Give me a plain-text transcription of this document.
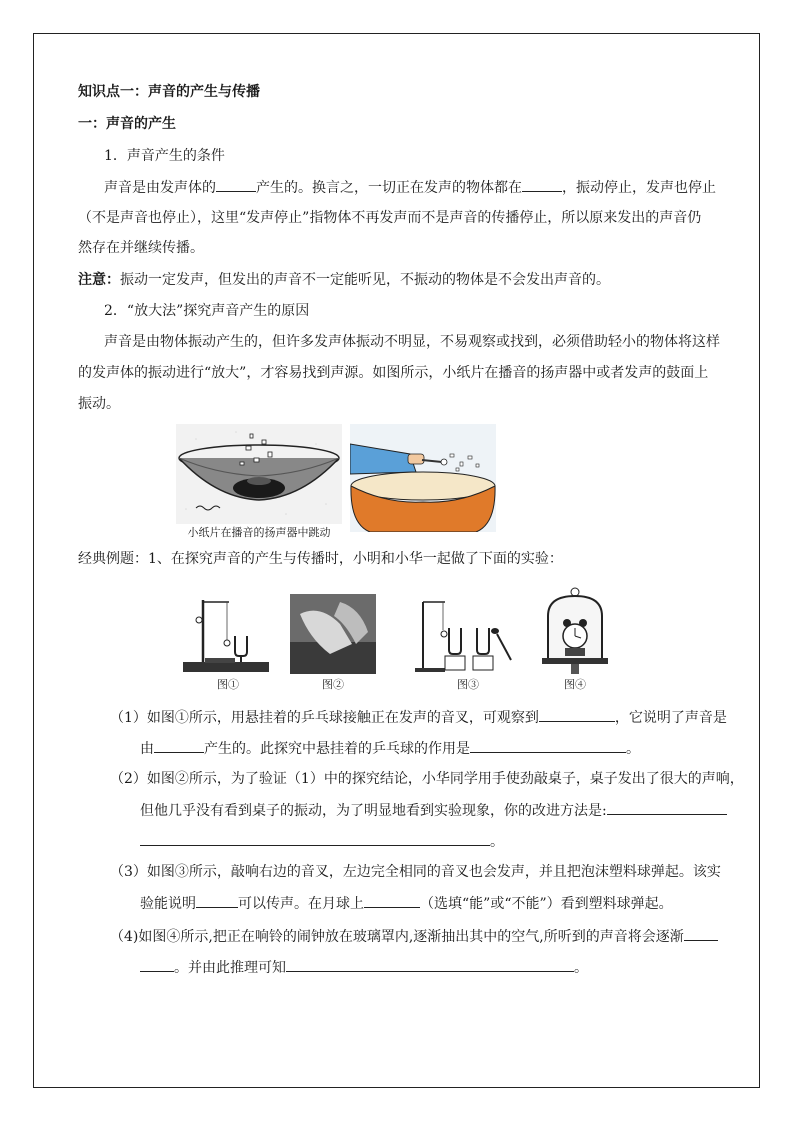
知识点一：声音的产生与传播
一：声音的产生
1．声音产生的条件
声音是由发声体的	产生的。换言之，一切正在发声的物体都在	，振动停止，发声也停止
（不是声音也停止），这里“发声停止”指物体不再发声而不是声音的传播停止，所以原来发出的声音仍
然存在并继续传播。
注意：振动一定发声，但发出的声音不一定能听见，不振动的物体是不会发出声音的。
2．“放大法”探究声音产生的原因
声音是由物体振动产生的，但许多发声体振动不明显，不易观察或找到，必须借助轻小的物体将这样
的发声体的振动进行“放大”，才容易找到声源。如图所示，小纸片在播音的扬声器中或者发声的鼓面上
振动。
小纸片在播音的扬声器中跳动
经典例题：1、在探究声音的产生与传播时，小明和小华一起做了下面的实验：
图①	图②	图③	图④
（1）如图①所示，用悬挂着的乒乓球接触正在发声的音叉，可观察到	，它说明了声音是
由	产生的。此探究中悬挂着的乒乓球的作用是	。
（2）如图②所示，为了验证（1）中的探究结论，小华同学用手使劲敲桌子，桌子发出了很大的声响，
但他几乎没有看到桌子的振动，为了明显地看到实验现象，你的改进方法是:
。
（3）如图③所示，敲响右边的音叉，左边完全相同的音叉也会发声，并且把泡沫塑料球弹起。该实
验能说明	可以传声。在月球上	（选填“能”或“不能”）看到塑料球弹起。
（4)如图④所示,把正在响铃的闹钟放在玻璃罩内,逐渐抽出其中的空气,所听到的声音将会逐渐
。并由此推理可知	。
